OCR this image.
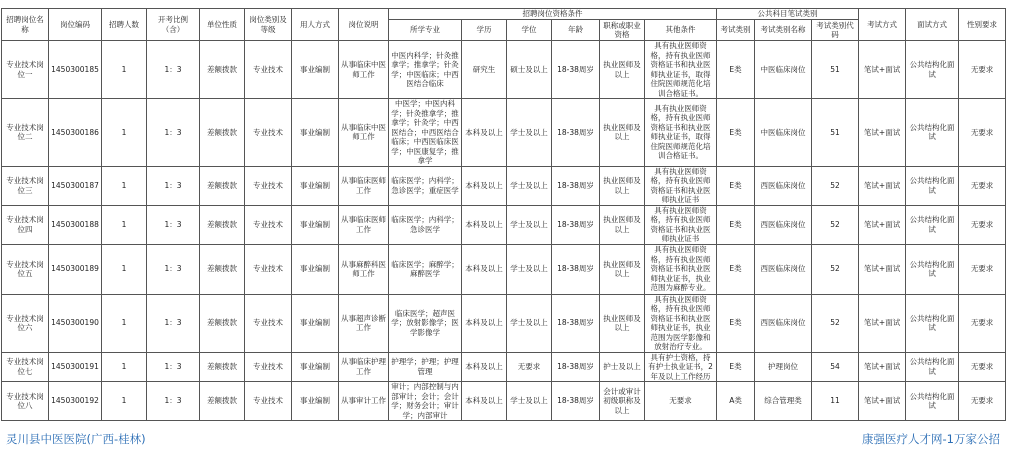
招聘岗位名称	岗位编码	招聘人数	开考比例（含）	单位性质	岗位类别及等级	用人方式	岗位说明	招聘岗位资格条件						公共科目笔试类别			考试方式	面试方式	性别要求
								所学专业	学历	学位	年龄	职称或职业资格	其他条件	考试类别	考试类别名称	考试类别代码			
专业技术岗位一	1450300185	1	1：3	差额拨款	专业技术	事业编制	从事临床中医师工作	中医内科学；针灸推拿学；推拿学；针灸学；中医临床；中西医结合临床	研究生	硕士及以上	18-38周岁	执业医师及以上	具有执业医师资格，持有执业医师资格证书和执业医师执业证书，取得住院医师规范化培训合格证书。	E类	中医临床岗位	51	笔试+面试	公共结构化面试	无要求
专业技术岗位二	1450300186	1	1：3	差额拨款	专业技术	事业编制	从事临床中医师工作	中医学；中医内科学；针灸推拿学；推拿学；针灸学；中西医结合；中西医结合临床；中西医临床医学；中医康复学；推拿学	本科及以上	学士及以上	18-38周岁	执业医师及以上	具有执业医师资格，持有执业医师资格证书和执业医师执业证书，取得住院医师规范化培训合格证书。	E类	中医临床岗位	51	笔试+面试	公共结构化面试	无要求
专业技术岗位三	1450300187	1	1：3	差额拨款	专业技术	事业编制	从事临床医师工作	临床医学；内科学；急诊医学；重症医学	本科及以上	学士及以上	18-38周岁	执业医师及以上	具有执业医师资格，持有执业医师资格证书和执业医师执业证书	E类	西医临床岗位	52	笔试+面试	公共结构化面试	无要求
专业技术岗位四	1450300188	1	1：3	差额拨款	专业技术	事业编制	从事临床医师工作	临床医学；内科学；急诊医学	本科及以上	学士及以上	18-38周岁	执业医师及以上	具有执业医师资格，持有执业医师资格证书和执业医师执业证书	E类	西医临床岗位	52	笔试+面试	公共结构化面试	无要求
专业技术岗位五	1450300189	1	1：3	差额拨款	专业技术	事业编制	从事麻醉科医师工作	临床医学；麻醉学；麻醉医学	本科及以上	学士及以上	18-38周岁	执业医师及以上	具有执业医师资格，持有执业医师资格证书和执业医师执业证书，执业范围为麻醉专业。	E类	西医临床岗位	52	笔试+面试	公共结构化面试	无要求
专业技术岗位六	1450300190	1	1：3	差额拨款	专业技术	事业编制	从事超声诊断工作	临床医学；超声医学；放射影像学；医学影像学	本科及以上	学士及以上	18-38周岁	执业医师及以上	具有执业医师资格，持有执业医师资格证书和执业医师执业证书，执业范围为医学影像和放射治疗专业。	E类	西医临床岗位	52	笔试+面试	公共结构化面试	无要求
专业技术岗位七	1450300191	1	1：3	差额拨款	专业技术	事业编制	从事临床护理工作	护理学；护理；护理管理	本科及以上	无要求	18-38周岁	护士及以上	具有护士资格，持有护士执业证书，2年及以上工作经历	E类	护理岗位	54	笔试+面试	公共结构化面试	无要求
专业技术岗位八	1450300192	1	1：3	差额拨款	专业技术	事业编制	从事审计工作	审计；内部控制与内部审计；会计；会计学；财务会计；审计学；内部审计	本科及以上	学士及以上	18-38周岁	会计或审计初级职称及以上	无要求	A类	综合管理类	11	笔试+面试	公共结构化面试	无要求
灵川县中医医院(广西-桂林)	康强医疗人才网-1万家公招
